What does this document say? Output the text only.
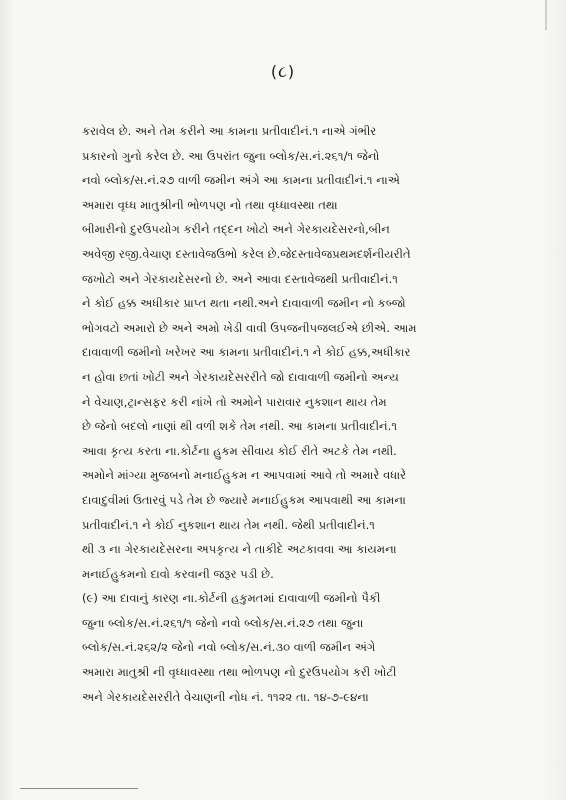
(૮)
કરાવેલ છે. અને તેમ કરીને આ કામના પ્રતીવાદીનં.૧ નાએ ગંભીર
પ્રકારનો ગુનો કરેલ છે. આ ઉપરાંત જુના બ્લોક/સ.નં.૨૬૧/૧ જેનો
નવો બ્લોક/સ.નં.૨૭ વાળી જમીન અંગે આ કામના પ્રતીવાદીનં.૧ નાએ
અમારા વૃધ્ધ માતુશ્રીની ભોળપણ નો તથા વૃધ્ધાવસ્થા તથા
બીમારીનો દુરઉપયોગ કરીને તદ્દન ખોટો અને ગેરકાયદેસરનો,બીન
અવેજી રજી.વેચાણ દસ્તાવેજઉભો કરેલ છે.જેદસ્તાવેજપ્રથમદર્શનીયરીતે
જખોટો અને ગેરકાયદેસરનો છે. અને આવા દસ્તાવેજથી પ્રતીવાદીનં.૧
ને કોઈ હક્ક અધીકાર પ્રાપ્ત થતા નથી.અને દાવાવાળી જમીન નો કબ્જો
ભોગવટો અમારો છે અને અમો ખેડી વાવી ઉપજનીપજલઈએ છીએ. આમ
દાવાવાળી જમીનો ખરેખર આ કામના પ્રતીવાદીનં.૧ ને કોઈ હક્ક,અધીકાર
ન હોવા છતાં ખોટી અને ગેરકાયદેસરરીતે જો દાવાવાળી જમીનો અન્ય
ને વેચાણ,ટ્રાન્સફર કરી નાંખે તો અમોને પારાવાર નુકશાન થાય તેમ
છે જેનો બદલો નાણાં થી વળી શકે તેમ નથી. આ કામના પ્રતીવાદીનં.૧
આવા કૃત્ય કરતા ના.કોર્ટના હુકમ સીવાય કોઈ રીતે અટકે તેમ નથી.
અમોને માંગ્યા મુજબનો મનાઈહુકમ ન આપવામાં આવે તો અમારે વધારે
દાવાદુવીમાં ઉતારવું પડે તેમ છે જ્યારે મનાઈહુકમ આપવાથી આ કામના
પ્રતીવાદીનં.૧ ને કોઈ નુકશાન થાય તેમ નથી. જેથી પ્રતીવાદીનં.૧
થી ૩ ના ગેરકાયદેસરના અપકૃત્ય ને તાકીદે અટકાવવા આ કાયમના
મનાઈહુકમનો દાવો કરવાની જરૂર પડી છે.
(૯) આ દાવાનું કારણ ના.કોર્ટની હકુમતમાં દાવાવાળી જમીનો પૈકી
જુના બ્લોક/સ.નં.૨૬૧/૧ જેનો નવો બ્લોક/સ.નં.૨૭ તથા જુના
બ્લોક/સ.નં.૨૬૨/૨ જેનો નવો બ્લોક/સ.નં.૩૦ વાળી જમીન અંગે
અમારા માતુશ્રી ની વૃધ્ધાવસ્થા તથા ભોળપણ નો દુરઉપયોગ કરી ખોટી
અને ગેરકાયદેસરરીતે વેચાણની નોધ નં. ૧૧૨૨ તા. ૧૪-૭-૯૪ના
